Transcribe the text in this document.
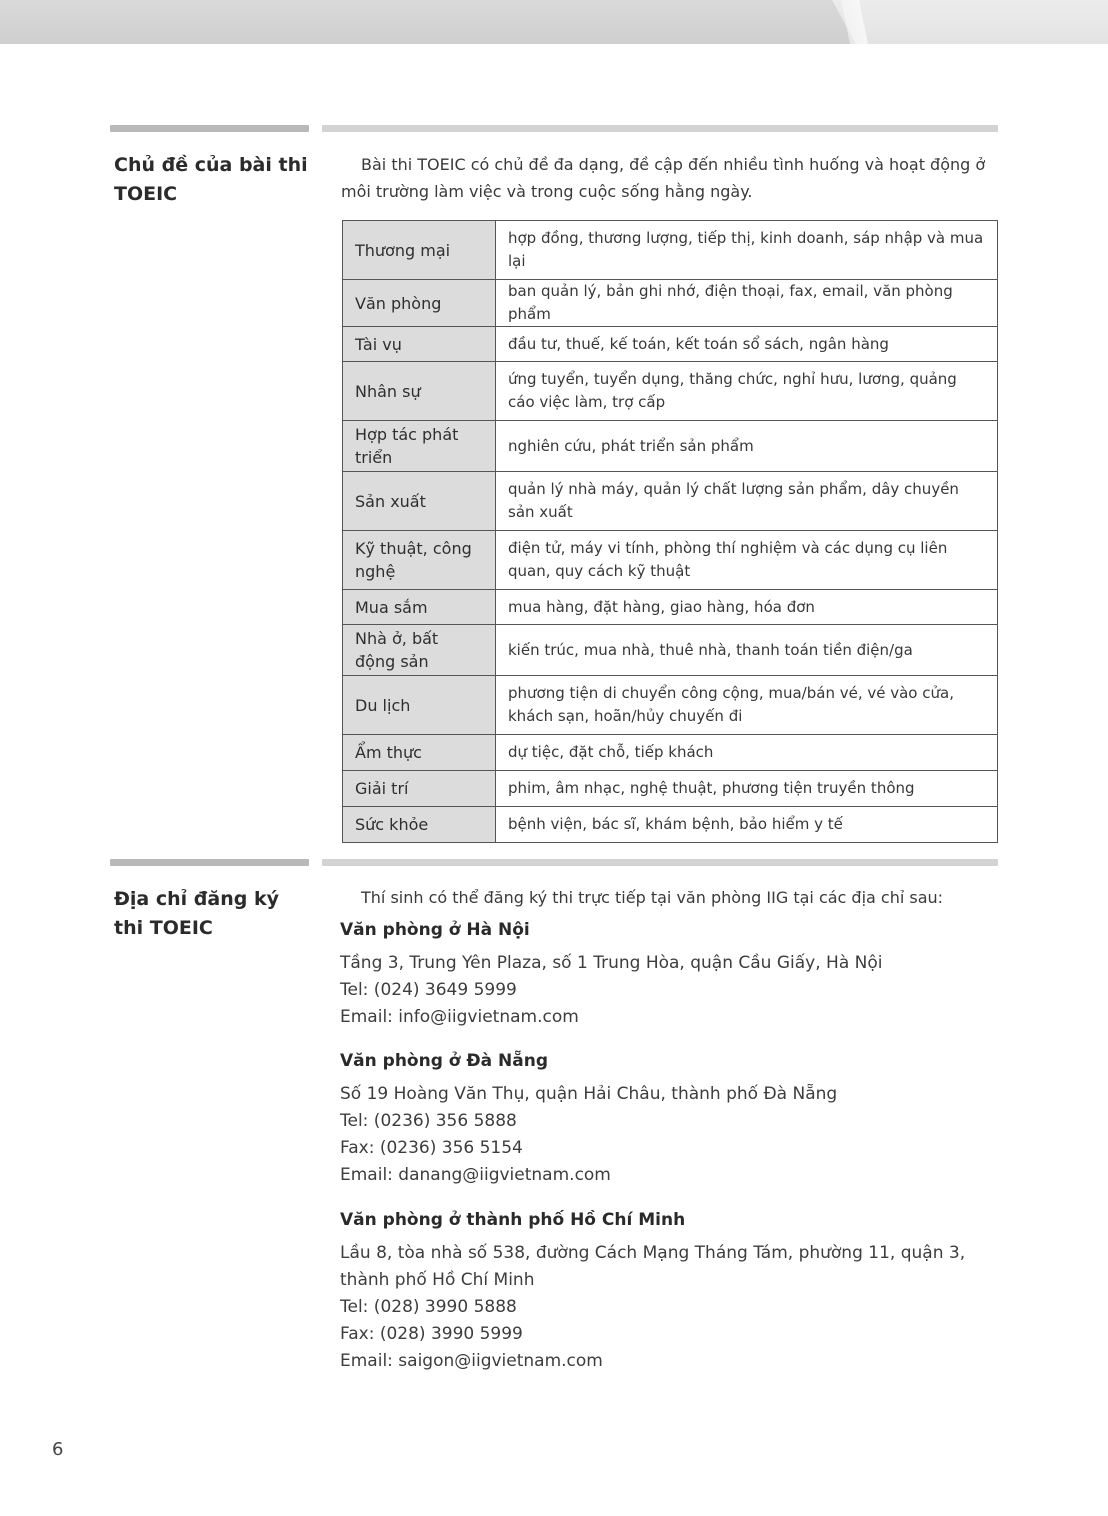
Chủ đề của bài thi
TOEIC
Bài thi TOEIC có chủ đề đa dạng, đề cập đến nhiều tình huống và hoạt động ở
môi trường làm việc và trong cuộc sống hằng ngày.
Thương mại	hợp đồng, thương lượng, tiếp thị, kinh doanh, sáp nhập và mua lại
Văn phòng	ban quản lý, bản ghi nhớ, điện thoại, fax, email, văn phòng phẩm
Tài vụ	đầu tư, thuế, kế toán, kết toán sổ sách, ngân hàng
Nhân sự	ứng tuyển, tuyển dụng, thăng chức, nghỉ hưu, lương, quảng cáo việc làm, trợ cấp
Hợp tác phát triển	nghiên cứu, phát triển sản phẩm
Sản xuất	quản lý nhà máy, quản lý chất lượng sản phẩm, dây chuyền sản xuất
Kỹ thuật, công nghệ	điện tử, máy vi tính, phòng thí nghiệm và các dụng cụ liên quan, quy cách kỹ thuật
Mua sắm	mua hàng, đặt hàng, giao hàng, hóa đơn
Nhà ở, bất động sản	kiến trúc, mua nhà, thuê nhà, thanh toán tiền điện/ga
Du lịch	phương tiện di chuyển công cộng, mua/bán vé, vé vào cửa, khách sạn, hoãn/hủy chuyến đi
Ẩm thực	dự tiệc, đặt chỗ, tiếp khách
Giải trí	phim, âm nhạc, nghệ thuật, phương tiện truyền thông
Sức khỏe	bệnh viện, bác sĩ, khám bệnh, bảo hiểm y tế
Địa chỉ đăng ký
thi TOEIC
Thí sinh có thể đăng ký thi trực tiếp tại văn phòng IIG tại các địa chỉ sau:
Văn phòng ở Hà Nội

Tầng 3, Trung Yên Plaza, số 1 Trung Hòa, quận Cầu Giấy, Hà Nội

Tel: (024) 3649 5999

Email: info@iigvietnam.com

Văn phòng ở Đà Nẵng

Số 19 Hoàng Văn Thụ, quận Hải Châu, thành phố Đà Nẵng

Tel: (0236) 356 5888

Fax: (0236) 356 5154

Email: danang@iigvietnam.com

Văn phòng ở thành phố Hồ Chí Minh

Lầu 8, tòa nhà số 538, đường Cách Mạng Tháng Tám, phường 11, quận 3,

thành phố Hồ Chí Minh

Tel: (028) 3990 5888

Fax: (028) 3990 5999

Email: saigon@iigvietnam.com

6
